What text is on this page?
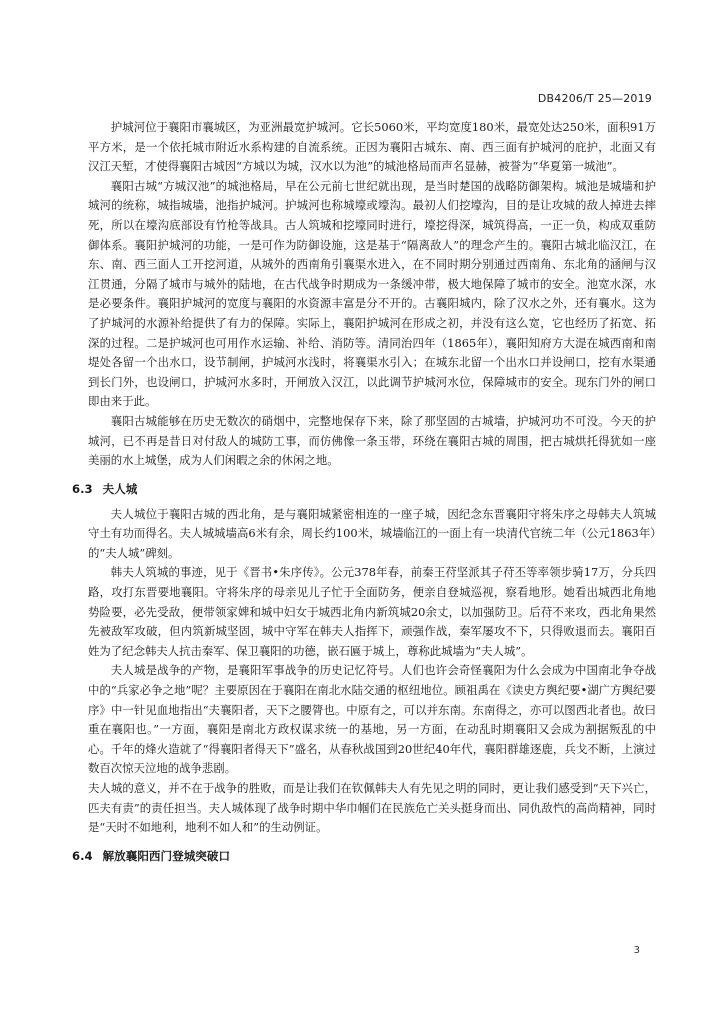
DB4206/T 25—2019

护城河位于襄阳市襄城区，为亚洲最宽护城河。它长5060米，平均宽度180米，最宽处达250米，面积91万平方米，是一个依托城市附近水系构建的自流系统。正因为襄阳古城东、南、西三面有护城河的庇护，北面又有汉江天堑，才使得襄阳古城因“方城以为城，汉水以为池”的城池格局而声名显赫，被誉为“华夏第一城池”。

襄阳古城“方城汉池”的城池格局，早在公元前七世纪就出现，是当时楚国的战略防御架构。城池是城墙和护城河的统称，城指城墙，池指护城河。护城河也称城壕或壕沟。最初人们挖壕沟，目的是让攻城的敌人掉进去摔死，所以在壕沟底部设有竹枪等战具。古人筑城和挖壕同时进行，壕挖得深，城筑得高，一正一负，构成双重防御体系。襄阳护城河的功能，一是可作为防御设施，这是基于“隔离敌人”的理念产生的。襄阳古城北临汉江，在东、南、西三面人工开挖河道，从城外的西南角引襄渠水进入，在不同时期分别通过西南角、东北角的涵闸与汉江贯通，分隔了城市与城外的陆地，在古代战争时期成为一条缓冲带，极大地保障了城市的安全。池宽水深，水是必要条件。襄阳护城河的宽度与襄阳的水资源丰富是分不开的。古襄阳城内，除了汉水之外，还有襄水。这为了护城河的水源补给提供了有力的保障。实际上，襄阳护城河在形成之初，并没有这么宽，它也经历了拓宽、拓深的过程。二是护城河也可用作水运输、补给、消防等。清同治四年（1865年），襄阳知府方大湜在城西南和南堤处各留一个出水口，设节制闸，护城河水浅时，将襄渠水引入；在城东北留一个出水口并设闸口，挖有水渠通到长门外，也设闸口，护城河水多时，开闸放入汉江，以此调节护城河水位，保障城市的安全。现东门外的闸口即由来于此。

襄阳古城能够在历史无数次的硝烟中，完整地保存下来，除了那坚固的古城墙，护城河功不可没。今天的护城河，已不再是昔日对付敌人的城防工事，而仿佛像一条玉带，环绕在襄阳古城的周围，把古城烘托得犹如一座美丽的水上城堡，成为人们闲暇之余的休闲之地。

6.3 夫人城

夫人城位于襄阳古城的西北角，是与襄阳城紧密相连的一座子城，因纪念东晋襄阳守将朱序之母韩夫人筑城守土有功而得名。夫人城城墙高6米有余，周长约100米，城墙临江的一面上有一块清代官统二年（公元1863年）的“夫人城”碑刻。

韩夫人筑城的事迹，见于《晋书•朱序传》。公元378年春，前秦王苻坚派其子苻丕等率领步骑17万，分兵四路，攻打东晋要地襄阳。守将朱序的母亲见儿子忙于全面防务，便亲自登城巡视，察看地形。她看出城西北角地势险要，必先受敌，便带领家婢和城中妇女于城西北角内新筑城20余丈，以加强防卫。后苻不来攻，西北角果然先被敌军攻破，但内筑新城坚固，城中守军在韩夫人指挥下，顽强作战，秦军屡攻不下，只得败退而去。襄阳百姓为了纪念韩夫人抗击秦军、保卫襄阳的功德，嵌石匾于城上，尊称此城墙为“夫人城”。

夫人城是战争的产物，是襄阳军事战争的历史记忆符号。人们也许会奇怪襄阳为什么会成为中国南北争夺战中的“兵家必争之地”呢？主要原因在于襄阳在南北水陆交通的枢纽地位。顾祖禹在《读史方舆纪要•湖广方舆纪要序》中一针见血地指出“夫襄阳者，天下之腰膂也。中原有之，可以并东南。东南得之，亦可以图西北者也。故曰重在襄阳也。”一方面，襄阳是南北方政权谋求统一的基地，另一方面，在动乱时期襄阳又会成为割据叛乱的中心。千年的烽火造就了“得襄阳者得天下”盛名，从春秋战国到20世纪40年代，襄阳群雄逐鹿，兵戈不断，上演过数百次惊天泣地的战争悲剧。

夫人城的意义，并不在于战争的胜败，而是让我们在钦佩韩夫人有先见之明的同时，更让我们感受到“天下兴亡，匹夫有责”的责任担当。夫人城体现了战争时期中华巾帼们在民族危亡关头挺身而出、同仇敌忾的高尚精神，同时是“天时不如地利，地利不如人和”的生动例证。

6.4 解放襄阳西门登城突破口
3
